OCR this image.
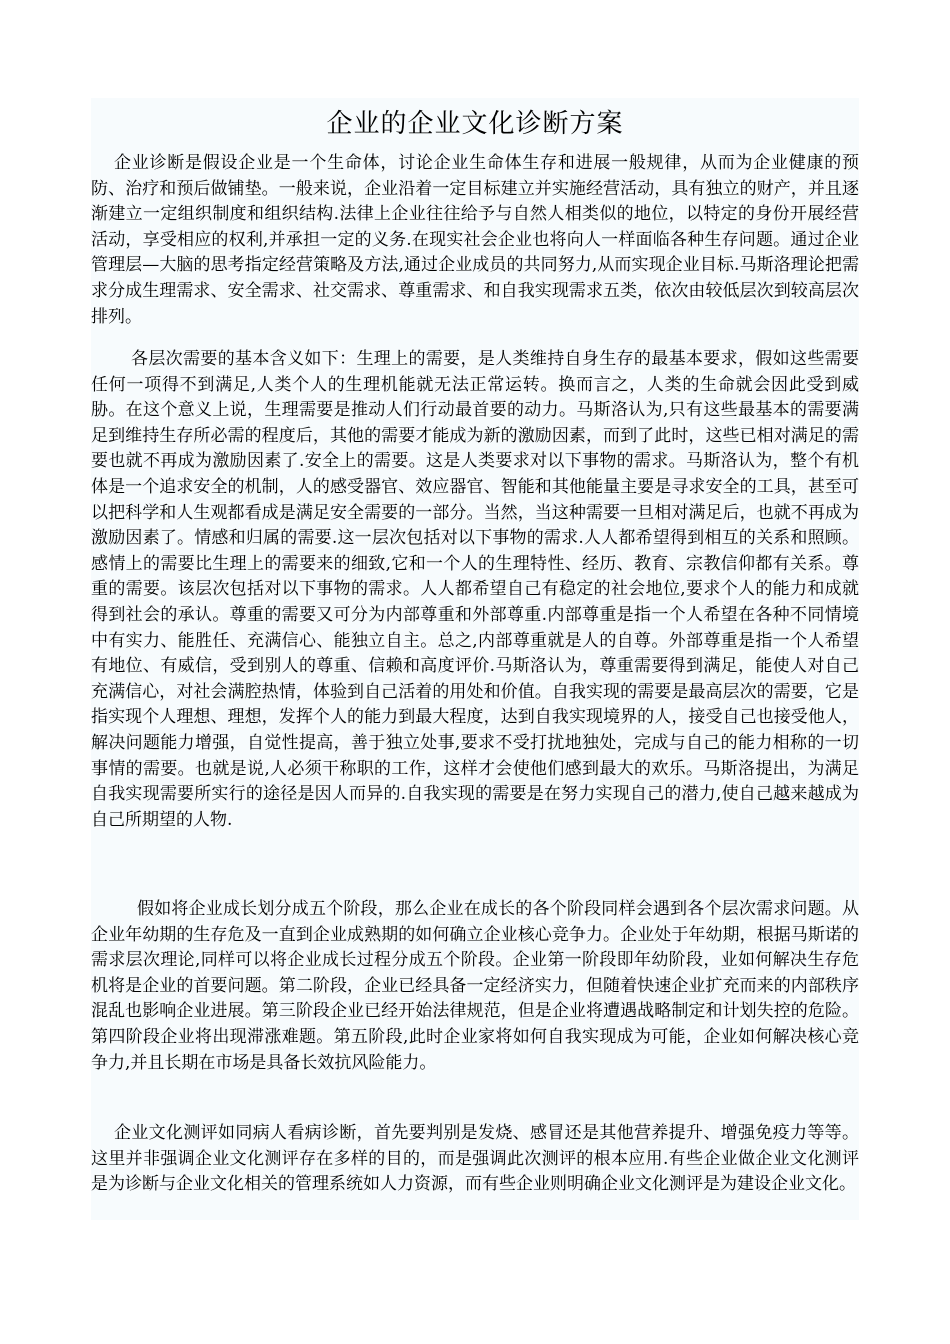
企业的企业文化诊断方案

企业诊断是假设企业是一个生命体，讨论企业生命体生存和进展一般规律，从而为企业健康的预防、治疗和预后做铺垫。一般来说，企业沿着一定目标建立并实施经营活动，具有独立的财产，并且逐渐建立一定组织制度和组织结构.法律上企业往往给予与自然人相类似的地位，以特定的身份开展经营活动，享受相应的权利,并承担一定的义务.在现实社会企业也将向人一样面临各种生存问题。通过企业管理层—大脑的思考指定经营策略及方法,通过企业成员的共同努力,从而实现企业目标.马斯洛理论把需求分成生理需求、安全需求、社交需求、尊重需求、和自我实现需求五类，依次由较低层次到较高层次排列。

各层次需要的基本含义如下：生理上的需要，是人类维持自身生存的最基本要求，假如这些需要任何一项得不到满足,人类个人的生理机能就无法正常运转。换而言之，人类的生命就会因此受到威胁。在这个意义上说，生理需要是推动人们行动最首要的动力。马斯洛认为,只有这些最基本的需要满足到维持生存所必需的程度后，其他的需要才能成为新的激励因素，而到了此时，这些已相对满足的需要也就不再成为激励因素了.安全上的需要。这是人类要求对以下事物的需求。马斯洛认为，整个有机体是一个追求安全的机制，人的感受器官、效应器官、智能和其他能量主要是寻求安全的工具，甚至可以把科学和人生观都看成是满足安全需要的一部分。当然，当这种需要一旦相对满足后，也就不再成为激励因素了。情感和归属的需要.这一层次包括对以下事物的需求.人人都希望得到相互的关系和照顾。感情上的需要比生理上的需要来的细致,它和一个人的生理特性、经历、教育、宗教信仰都有关系。尊重的需要。该层次包括对以下事物的需求。人人都希望自己有稳定的社会地位,要求个人的能力和成就得到社会的承认。尊重的需要又可分为内部尊重和外部尊重.内部尊重是指一个人希望在各种不同情境中有实力、能胜任、充满信心、能独立自主。总之,内部尊重就是人的自尊。外部尊重是指一个人希望有地位、有威信，受到别人的尊重、信赖和高度评价.马斯洛认为，尊重需要得到满足，能使人对自己充满信心，对社会满腔热情，体验到自己活着的用处和价值。自我实现的需要是最高层次的需要，它是指实现个人理想、理想，发挥个人的能力到最大程度，达到自我实现境界的人，接受自己也接受他人，解决问题能力增强，自觉性提高，善于独立处事,要求不受打扰地独处，完成与自己的能力相称的一切事情的需要。也就是说,人必须干称职的工作，这样才会使他们感到最大的欢乐。马斯洛提出，为满足自我实现需要所实行的途径是因人而异的.自我实现的需要是在努力实现自己的潜力,使自己越来越成为自己所期望的人物.

假如将企业成长划分成五个阶段，那么企业在成长的各个阶段同样会遇到各个层次需求问题。从企业年幼期的生存危及一直到企业成熟期的如何确立企业核心竞争力。企业处于年幼期，根据马斯诺的需求层次理论,同样可以将企业成长过程分成五个阶段。企业第一阶段即年幼阶段，业如何解决生存危机将是企业的首要问题。第二阶段，企业已经具备一定经济实力，但随着快速企业扩充而来的内部秩序混乱也影响企业进展。第三阶段企业已经开始法律规范，但是企业将遭遇战略制定和计划失控的危险。第四阶段企业将出现滞涨难题。第五阶段,此时企业家将如何自我实现成为可能，企业如何解决核心竞争力,并且长期在市场是具备长效抗风险能力。

企业文化测评如同病人看病诊断，首先要判别是发烧、感冒还是其他营养提升、增强免疫力等等。这里并非强调企业文化测评存在多样的目的，而是强调此次测评的根本应用.有些企业做企业文化测评是为诊断与企业文化相关的管理系统如人力资源，而有些企业则明确企业文化测评是为建设企业文化。
